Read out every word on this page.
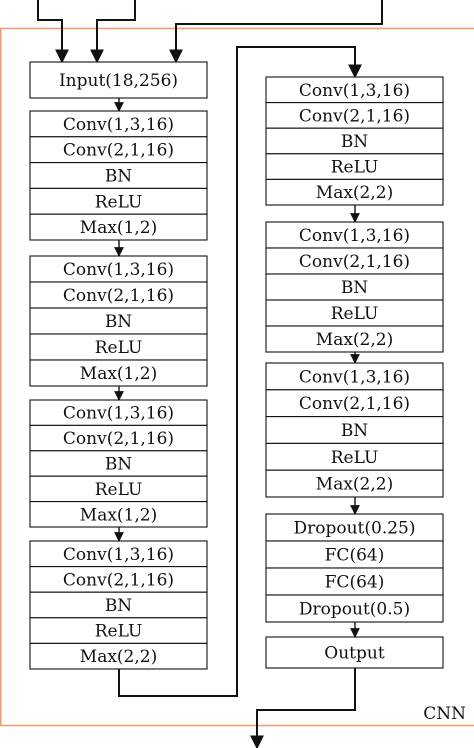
CNN
Input(18,256)
Conv(1,3,16)
Conv(2,1,16)
BN
ReLU
Max(1,2)
Conv(1,3,16)
Conv(2,1,16)
BN
ReLU
Max(1,2)
Conv(1,3,16)
Conv(2,1,16)
BN
ReLU
Max(1,2)
Conv(1,3,16)
Conv(2,1,16)
BN
ReLU
Max(2,2)
Conv(1,3,16)
Conv(2,1,16)
BN
ReLU
Max(2,2)
Conv(1,3,16)
Conv(2,1,16)
BN
ReLU
Max(2,2)
Conv(1,3,16)
Conv(2,1,16)
BN
ReLU
Max(2,2)
Dropout(0.25)
FC(64)
FC(64)
Dropout(0.5)
Output
